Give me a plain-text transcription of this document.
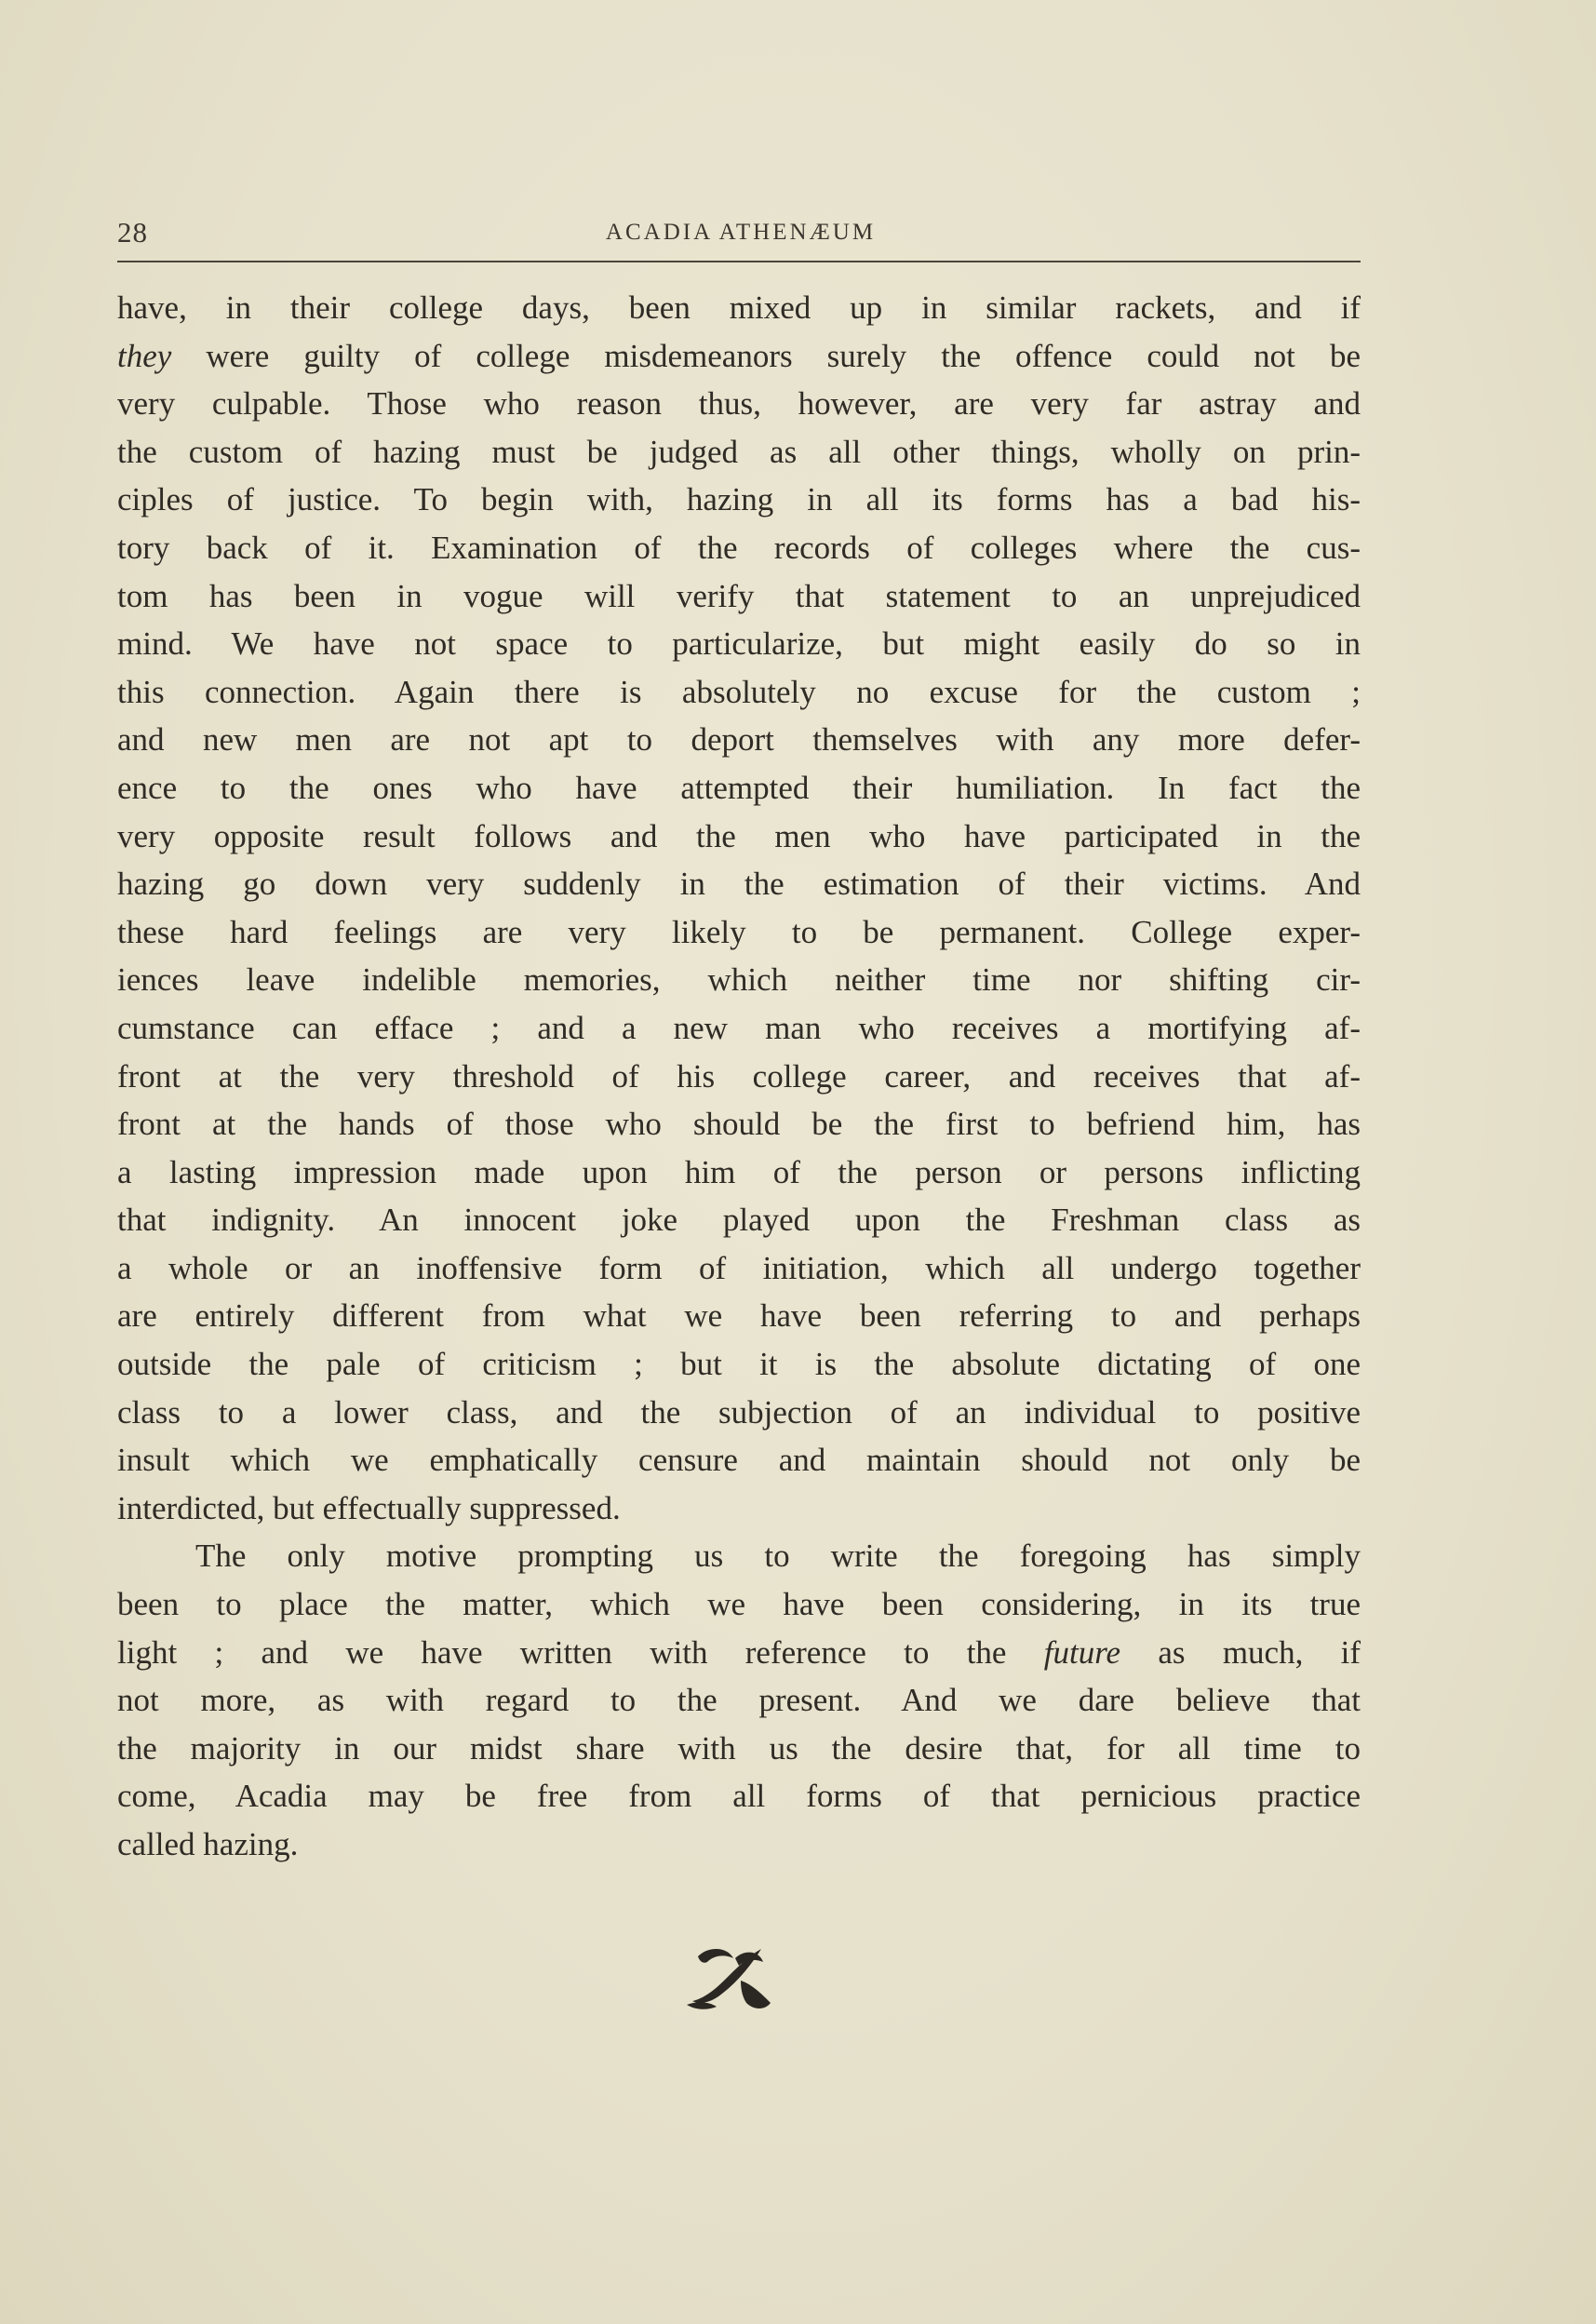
28	ACADIA ATHENÆUM
have, in their college days, been mixed up in similar rackets, and if
they were guilty of college misdemeanors surely the offence could not be
very culpable. Those who reason thus, however, are very far astray and
the custom of hazing must be judged as all other things, wholly on prin-
ciples of justice. To begin with, hazing in all its forms has a bad his-
tory back of it. Examination of the records of colleges where the cus-
tom has been in vogue will verify that statement to an unprejudiced
mind. We have not space to particularize, but might easily do so in
this connection. Again there is absolutely no excuse for the custom ;
and new men are not apt to deport themselves with any more defer-
ence to the ones who have attempted their humiliation. In fact the
very opposite result follows and the men who have participated in the
hazing go down very suddenly in the estimation of their victims. And
these hard feelings are very likely to be permanent. College exper-
iences leave indelible memories, which neither time nor shifting cir-
cumstance can efface ; and a new man who receives a mortifying af-
front at the very threshold of his college career, and receives that af-
front at the hands of those who should be the first to befriend him, has
a lasting impression made upon him of the person or persons inflicting
that indignity. An innocent joke played upon the Freshman class as
a whole or an inoffensive form of initiation, which all undergo together
are entirely different from what we have been referring to and perhaps
outside the pale of criticism ; but it is the absolute dictating of one
class to a lower class, and the subjection of an individual to positive
insult which we emphatically censure and maintain should not only be
interdicted, but effectually suppressed.
The only motive prompting us to write the foregoing has simply
been to place the matter, which we have been considering, in its true
light ; and we have written with reference to the future as much, if
not more, as with regard to the present. And we dare believe that
the majority in our midst share with us the desire that, for all time to
come, Acadia may be free from all forms of that pernicious practice
called hazing.
